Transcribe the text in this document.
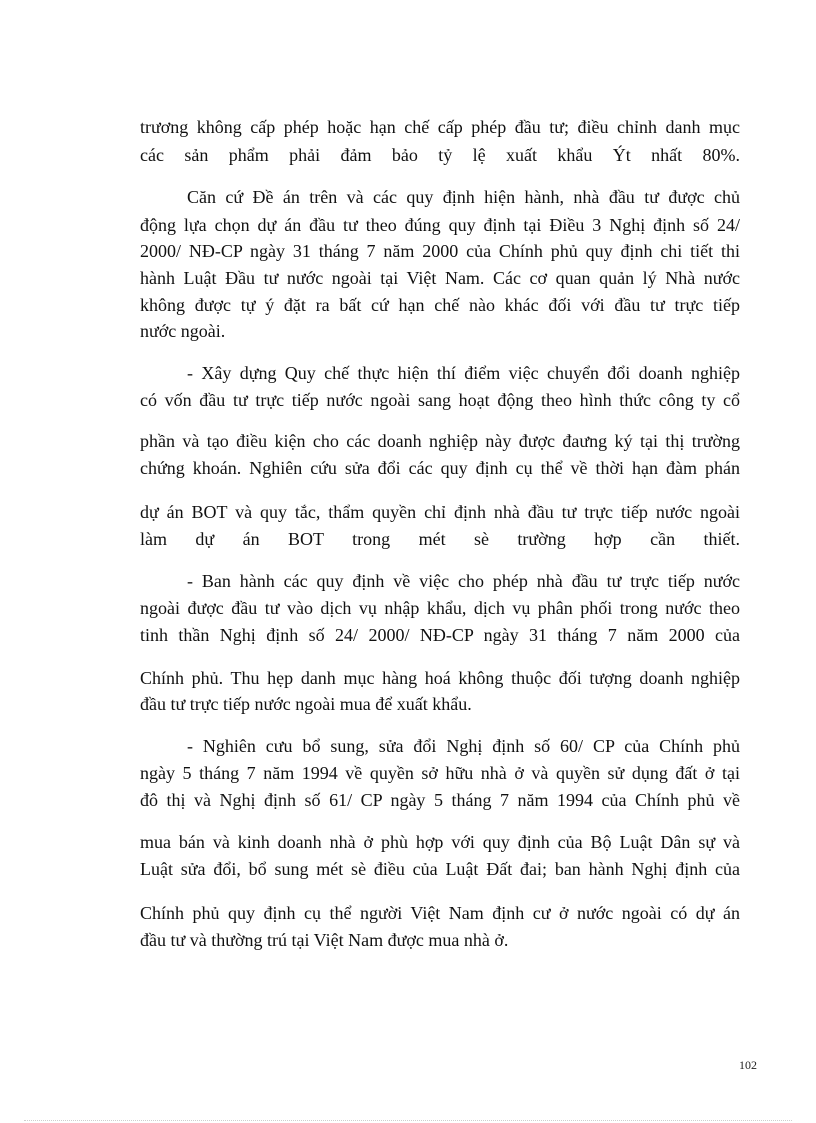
trương không cấp phép hoặc hạn chế cấp phép đầu tư; điều chỉnh danh mục
các sản phẩm phải đảm bảo tỷ lệ xuất khẩu Ýt nhất 80%.
Căn cứ Đề án trên và các quy định hiện hành, nhà đầu tư được chủ
động lựa chọn dự án đầu tư theo đúng quy định tại Điều 3 Nghị định số 24/
2000/ NĐ-CP ngày 31 tháng 7 năm 2000 của Chính phủ quy định chi tiết thi
hành Luật Đầu tư nước ngoài tại Việt Nam. Các cơ quan quản lý Nhà nước
không được tự ý đặt ra bất cứ hạn chế nào khác đối với đầu tư trực tiếp
nước ngoài.
- Xây dựng Quy chế thực hiện thí điểm việc chuyển đổi doanh nghiệp
có vốn đầu tư trực tiếp nước ngoài sang hoạt động theo hình thức công ty cổ
phần và tạo điều kiện cho các doanh nghiệp này được đaưng ký tại thị trường
chứng khoán. Nghiên cứu sửa đổi các quy định cụ thể về thời hạn đàm phán
dự án BOT và quy tắc, thẩm quyền chỉ định nhà đầu tư trực tiếp nước ngoài
làm dự án BOT trong mét sè trường hợp cần thiết.
- Ban hành các quy định về việc cho phép nhà đầu tư trực tiếp nước
ngoài được đầu tư vào dịch vụ nhập khẩu, dịch vụ phân phối trong nước theo
tinh thần Nghị định số 24/ 2000/ NĐ-CP ngày 31 tháng 7 năm 2000 của
Chính phủ. Thu hẹp danh mục hàng hoá không thuộc đối tượng doanh nghiệp
đầu tư trực tiếp nước ngoài mua để xuất khẩu.
- Nghiên cưu bổ sung, sửa đổi Nghị định số 60/ CP của Chính phủ
ngày 5 tháng 7 năm 1994 về quyền sở hữu nhà ở và quyền sử dụng đất ở tại
đô thị và Nghị định số 61/ CP ngày 5 tháng 7 năm 1994 của Chính phủ về
mua bán và kinh doanh nhà ở phù hợp với quy định của Bộ Luật Dân sự và
Luật sửa đổi, bổ sung mét sè điều của Luật Đất đai; ban hành Nghị định của
Chính phủ quy định cụ thể người Việt Nam định cư ở nước ngoài có dự án
đầu tư và thường trú tại Việt Nam được mua nhà ở.
102
